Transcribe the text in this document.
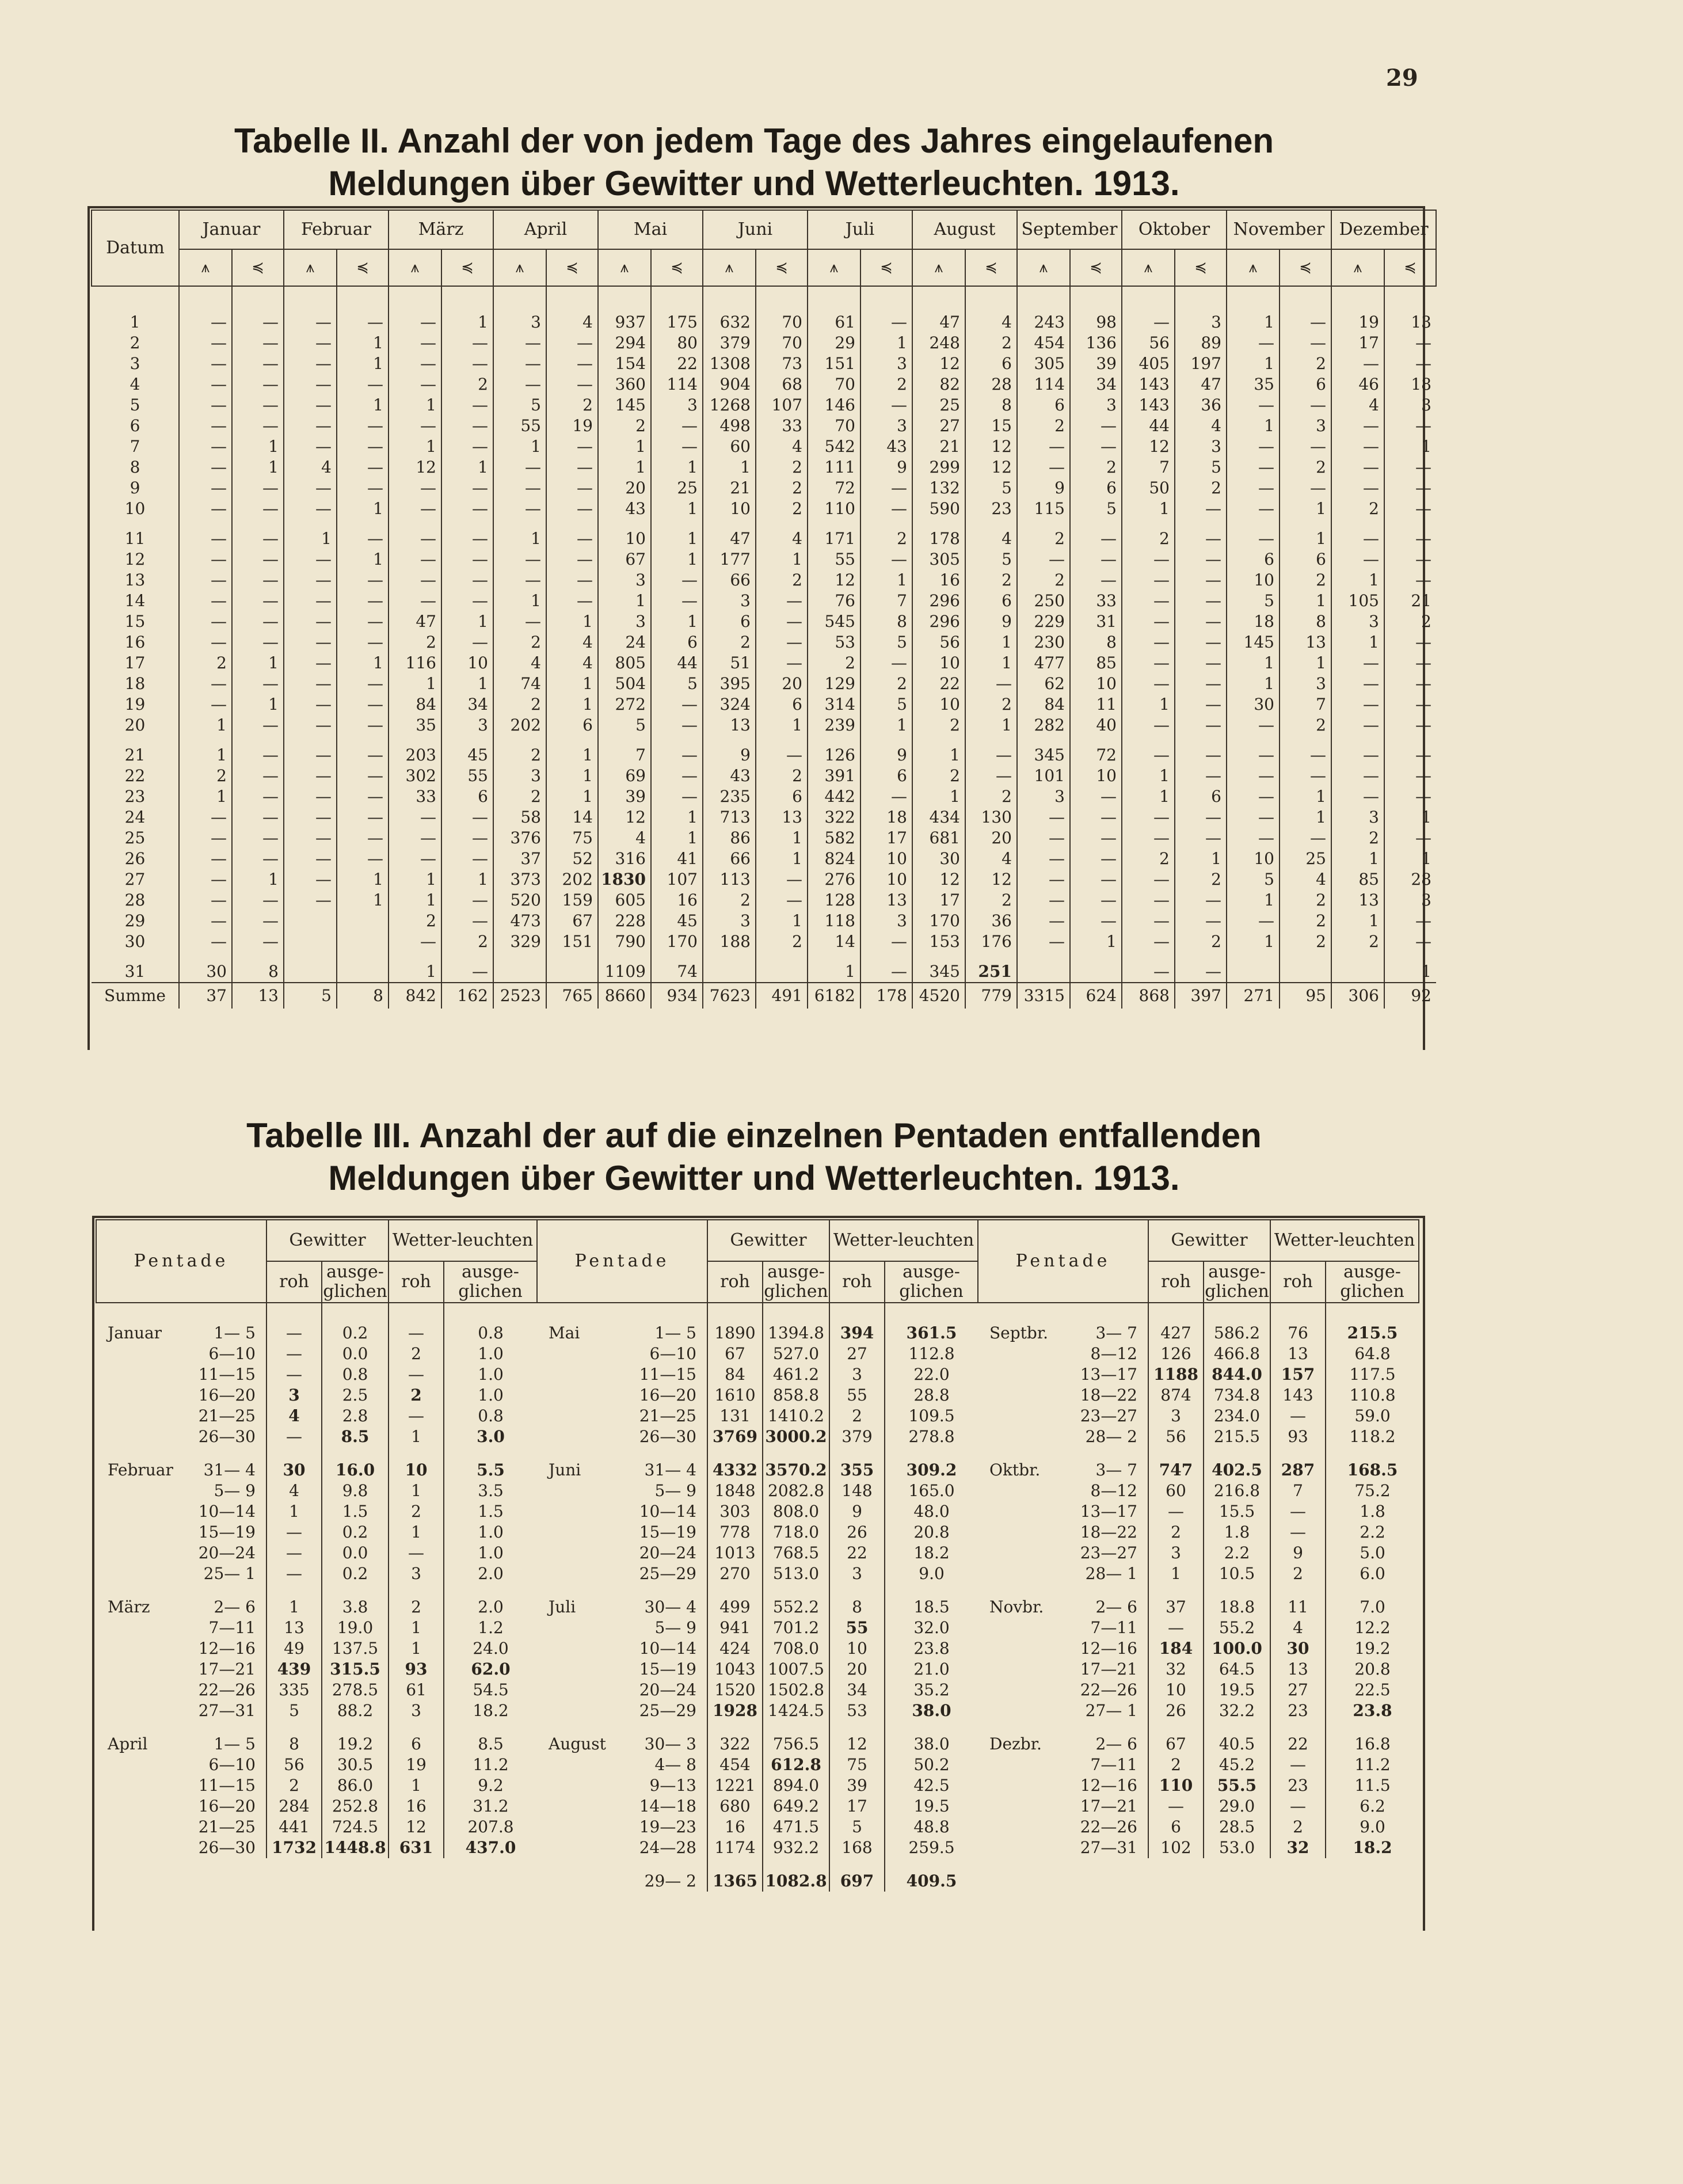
29
Tabelle II. Anzahl der von jedem Tage des Jahres eingelaufenen
Meldungen über Gewitter und Wetterleuchten. 1913.
Datum	Januar		Februar		März		April		Mai		Juni		Juli		August		September		Oktober		November		Dezember	
	⩚	≼	⩚	≼	⩚	≼	⩚	≼	⩚	≼	⩚	≼	⩚	≼	⩚	≼	⩚	≼	⩚	≼	⩚	≼	⩚	≼

1	—	—	—	—	—	1	3	4	937	175	632	70	61	—	47	4	243	98	—	3	1	—	19	13
2	—	—	—	1	—	—	—	—	294	80	379	70	29	1	248	2	454	136	56	89	—	—	17	—
3	—	—	—	1	—	—	—	—	154	22	1308	73	151	3	12	6	305	39	405	197	1	2	—	—
4	—	—	—	—	—	2	—	—	360	114	904	68	70	2	82	28	114	34	143	47	35	6	46	18
5	—	—	—	1	1	—	5	2	145	3	1268	107	146	—	25	8	6	3	143	36	—	—	4	3
6	—	—	—	—	—	—	55	19	2	—	498	33	70	3	27	15	2	—	44	4	1	3	—	—
7	—	1	—	—	1	—	1	—	1	—	60	4	542	43	21	12	—	—	12	3	—	—	—	1
8	—	1	4	—	12	1	—	—	1	1	1	2	111	9	299	12	—	2	7	5	—	2	—	—
9	—	—	—	—	—	—	—	—	20	25	21	2	72	—	132	5	9	6	50	2	—	—	—	—
10	—	—	—	1	—	—	—	—	43	1	10	2	110	—	590	23	115	5	1	—	—	1	2	—

11	—	—	1	—	—	—	1	—	10	1	47	4	171	2	178	4	2	—	2	—	—	1	—	—
12	—	—	—	1	—	—	—	—	67	1	177	1	55	—	305	5	—	—	—	—	6	6	—	—
13	—	—	—	—	—	—	—	—	3	—	66	2	12	1	16	2	2	—	—	—	10	2	1	—
14	—	—	—	—	—	—	1	—	1	—	3	—	76	7	296	6	250	33	—	—	5	1	105	21
15	—	—	—	—	47	1	—	1	3	1	6	—	545	8	296	9	229	31	—	—	18	8	3	2
16	—	—	—	—	2	—	2	4	24	6	2	—	53	5	56	1	230	8	—	—	145	13	1	—
17	2	1	—	1	116	10	4	4	805	44	51	—	2	—	10	1	477	85	—	—	1	1	—	—
18	—	—	—	—	1	1	74	1	504	5	395	20	129	2	22	—	62	10	—	—	1	3	—	—
19	—	1	—	—	84	34	2	1	272	—	324	6	314	5	10	2	84	11	1	—	30	7	—	—
20	1	—	—	—	35	3	202	6	5	—	13	1	239	1	2	1	282	40	—	—	—	2	—	—

21	1	—	—	—	203	45	2	1	7	—	9	—	126	9	1	—	345	72	—	—	—	—	—	—
22	2	—	—	—	302	55	3	1	69	—	43	2	391	6	2	—	101	10	1	—	—	—	—	—
23	1	—	—	—	33	6	2	1	39	—	235	6	442	—	1	2	3	—	1	6	—	1	—	—
24	—	—	—	—	—	—	58	14	12	1	713	13	322	18	434	130	—	—	—	—	—	1	3	1
25	—	—	—	—	—	—	376	75	4	1	86	1	582	17	681	20	—	—	—	—	—	—	2	—
26	—	—	—	—	—	—	37	52	316	41	66	1	824	10	30	4	—	—	2	1	10	25	1	1
27	—	1	—	1	1	1	373	202	1830	107	113	—	276	10	12	12	—	—	—	2	5	4	85	28
28	—	—	—	1	1	—	520	159	605	16	2	—	128	13	17	2	—	—	—	—	1	2	13	3
29	—	—			2	—	473	67	228	45	3	1	118	3	170	36	—	—	—	—	—	2	1	—
30	—	—			—	2	329	151	790	170	188	2	14	—	153	176	—	1	—	2	1	2	2	—

31	30	8			1	—			1109	74			1	—	345	251			—	—				1
Summe	37	13	5	8	842	162	2523	765	8660	934	7623	491	6182	178	4520	779	3315	624	868	397	271	95	306	92
Tabelle III. Anzahl der auf die einzelnen Pentaden entfallenden
Meldungen über Gewitter und Wetterleuchten. 1913.
Pentade		Gewitter		Wetter-leuchten	
		roh	ausge-glichen	roh	ausge-glichen

Januar	1— 5	—	0.2	—	0.8
	6—10	—	0.0	2	1.0
	11—15	—	0.8	—	1.0
	16—20	3	2.5	2	1.0
	21—25	4	2.8	—	0.8
	26—30	—	8.5	1	3.0

Februar	31— 4	30	16.0	10	5.5
	5— 9	4	9.8	1	3.5
	10—14	1	1.5	2	1.5
	15—19	—	0.2	1	1.0
	20—24	—	0.0	—	1.0
	25— 1	—	0.2	3	2.0

März	2— 6	1	3.8	2	2.0
	7—11	13	19.0	1	1.2
	12—16	49	137.5	1	24.0
	17—21	439	315.5	93	62.0
	22—26	335	278.5	61	54.5
	27—31	5	88.2	3	18.2

April	1— 5	8	19.2	6	8.5
	6—10	56	30.5	19	11.2
	11—15	2	86.0	1	9.2
	16—20	284	252.8	16	31.2
	21—25	441	724.5	12	207.8
	26—30	1732	1448.8	631	437.0
Pentade		Gewitter		Wetter-leuchten	
		roh	ausge-glichen	roh	ausge-glichen

Mai	1— 5	1890	1394.8	394	361.5
	6—10	67	527.0	27	112.8
	11—15	84	461.2	3	22.0
	16—20	1610	858.8	55	28.8
	21—25	131	1410.2	2	109.5
	26—30	3769	3000.2	379	278.8

Juni	31— 4	4332	3570.2	355	309.2
	5— 9	1848	2082.8	148	165.0
	10—14	303	808.0	9	48.0
	15—19	778	718.0	26	20.8
	20—24	1013	768.5	22	18.2
	25—29	270	513.0	3	9.0

Juli	30— 4	499	552.2	8	18.5
	5— 9	941	701.2	55	32.0
	10—14	424	708.0	10	23.8
	15—19	1043	1007.5	20	21.0
	20—24	1520	1502.8	34	35.2
	25—29	1928	1424.5	53	38.0

August	30— 3	322	756.5	12	38.0
	4— 8	454	612.8	75	50.2
	9—13	1221	894.0	39	42.5
	14—18	680	649.2	17	19.5
	19—23	16	471.5	5	48.8
	24—28	1174	932.2	168	259.5

	29— 2	1365	1082.8	697	409.5
Pentade		Gewitter		Wetter-leuchten	
		roh	ausge-glichen	roh	ausge-glichen

Septbr.	3— 7	427	586.2	76	215.5
	8—12	126	466.8	13	64.8
	13—17	1188	844.0	157	117.5
	18—22	874	734.8	143	110.8
	23—27	3	234.0	—	59.0
	28— 2	56	215.5	93	118.2

Oktbr.	3— 7	747	402.5	287	168.5
	8—12	60	216.8	7	75.2
	13—17	—	15.5	—	1.8
	18—22	2	1.8	—	2.2
	23—27	3	2.2	9	5.0
	28— 1	1	10.5	2	6.0

Novbr.	2— 6	37	18.8	11	7.0
	7—11	—	55.2	4	12.2
	12—16	184	100.0	30	19.2
	17—21	32	64.5	13	20.8
	22—26	10	19.5	27	22.5
	27— 1	26	32.2	23	23.8

Dezbr.	2— 6	67	40.5	22	16.8
	7—11	2	45.2	—	11.2
	12—16	110	55.5	23	11.5
	17—21	—	29.0	—	6.2
	22—26	6	28.5	2	9.0
	27—31	102	53.0	32	18.2
